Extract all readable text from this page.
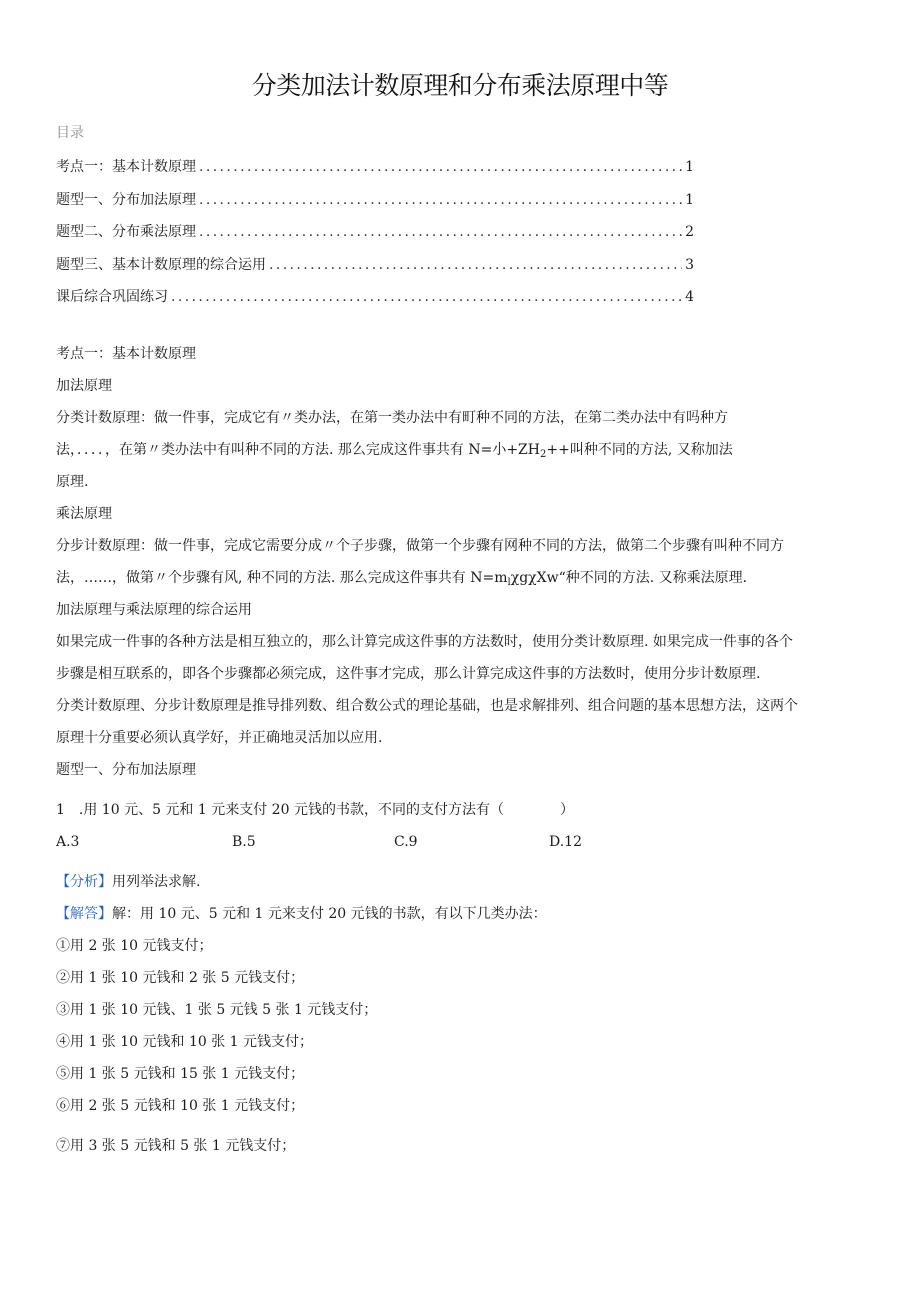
分类加法计数原理和分布乘法原理中等
目录
考点一：基本计数原理 .....	1
题型一、分布加法原理 .....	1
题型二、分布乘法原理 .....	2
题型三、基本计数原理的综合运用 .....	3
课后综合巩固练习 .....	4
考点一：基本计数原理
加法原理
分类计数原理：做一件事，完成它有〃类办法，在第一类办法中有町种不同的方法，在第二类办法中有吗种方
法，．．．．，在第〃类办法中有叫种不同的方法. 那么完成这件事共有 N=小$+ZH_2++$叫种不同的方法, 又称加法
原理.
乘法原理
分步计数原理：做一件事，完成它需要分成〃个子步骤，做第一个步骤有网种不同的方法，做第二个步骤有叫种不同方
法，……，做第〃个步骤有风, 种不同的方法. 那么完成这件事共有 $N=m_l\chi g\chi Xw“$种不同的方法. 又称乘法原理.
加法原理与乘法原理的综合运用
如果完成一件事的各种方法是相互独立的，那么计算完成这件事的方法数时，使用分类计数原理. 如果完成一件事的各个
步骤是相互联系的，即各个步骤都必须完成，这件事才完成，那么计算完成这件事的方法数时，使用分步计数原理.
分类计数原理、分步计数原理是推导排列数、组合数公式的理论基础，也是求解排列、组合问题的基本思想方法，这两个
原理十分重要必须认真学好，并正确地灵活加以应用.
题型一、分布加法原理
1　.用 10 元、5 元和 1 元来支付 20 元钱的书款，不同的支付方法有（　　　　）
A.3	B.5	C.9	D.12
【分析】用列举法求解.
【解答】解：用 10 元、5 元和 1 元来支付 20 元钱的书款，有以下几类办法：
①用 2 张 10 元钱支付；
②用 1 张 10 元钱和 2 张 5 元钱支付；
③用 1 张 10 元钱、1 张 5 元钱 5 张 1 元钱支付；
④用 1 张 10 元钱和 10 张 1 元钱支付；
⑤用 1 张 5 元钱和 15 张 1 元钱支付；
⑥用 2 张 5 元钱和 10 张 1 元钱支付；
⑦用 3 张 5 元钱和 5 张 1 元钱支付；
